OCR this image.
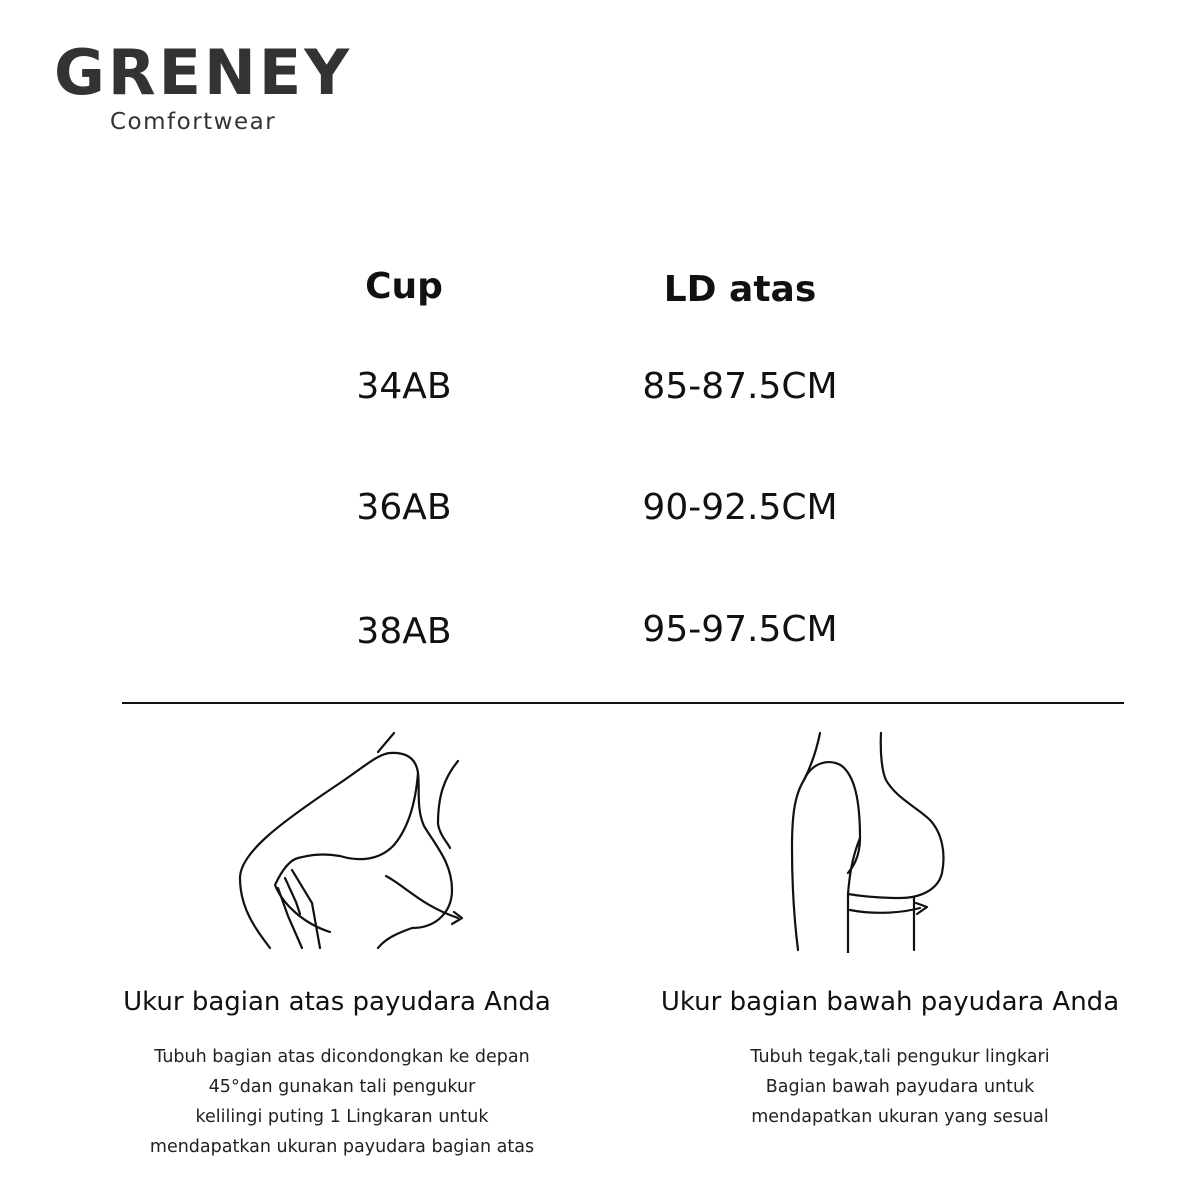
GRENEY
Comfortwear
Cup	LD atas
34AB	85-87.5CM
36AB	90-92.5CM
38AB	95-97.5CM
Ukur bagian atas payudara Anda
Tubuh bagian atas dicondongkan ke depan
45°dan gunakan tali pengukur
kelilingi puting 1 Lingkaran untuk
mendapatkan ukuran payudara bagian atas
Ukur bagian bawah payudara Anda
Tubuh tegak,tali pengukur lingkari
Bagian bawah payudara untuk
mendapatkan ukuran yang sesual
